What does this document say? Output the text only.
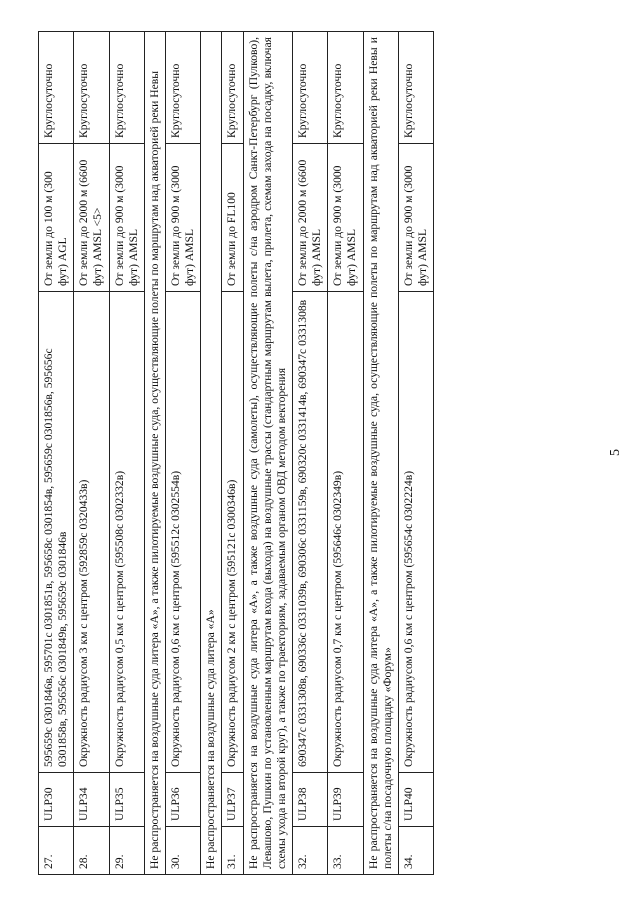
27.	ULP30	595659с 0301846в, 595701с 0301851в, 595658с 0301854в, 595659с 0301856в, 595656с 0301858в, 595656с 0301849в, 595659с 0301846в	От земли до 100 м (300 фут) AGL	Круглосуточно
28.	ULP34	Окружность радиусом 3 км с центром (592859с 0320433в)	От земли до 2000 м (6600 фут) AMSL <5>	Круглосуточно
29.	ULP35	Окружность радиусом 0,5 км с центром (595508с 0302332в)	От земли до 900 м (3000 фут) AMSL	Круглосуточно
Не распространяется на воздушные суда литера «А», а также пилотируемые воздушные суда, осуществляющие полеты по маршрутам над акваторией реки Невы				
30.	ULP36	Окружность радиусом 0,6 км с центром (595512с 0302554в)	От земли до 900 м (3000 фут) AMSL	Круглосуточно
Не распространяется на воздушные суда литера «А»				
31.	ULP37	Окружность радиусом 2 км с центром (595121с 0300346в)	От земли до FL100	Круглосуточно
Не распространяется на воздушные суда литера «А», а также воздушные суда (самолеты), осуществляющие полеты с/на аэродром Санкт-Петербург (Пулково), Левашово, Пушкин по установленным маршрутам входа (выхода) на воздушные трассы (стандартным маршрутам вылета, прилета, схемам захода на посадку, включая схемы ухода на второй круг), а также по траекториям, задаваемым органом ОВД методом векторения				
32.	ULP38	690347с 0331308в, 690336с 0331039в, 690306с 0331159в, 690320с 0331414в, 690347с 0331308в	От земли до 2000 м (6600 фут) AMSL	Круглосуточно
33.	ULP39	Окружность радиусом 0,7 км с центром (595646с 0302349в)	От земли до 900 м (3000 фут) AMSL	Круглосуточно
Не распространяется на воздушные суда литера «А», а также пилотируемые воздушные суда, осуществляющие полеты по маршрутам над акваторией реки Невы и полеты с/на посадочную площадку «Форум»				
34.	ULP40	Окружность радиусом 0,6 км с центром (595654с 0302224в)	От земли до 900 м (3000 фут) AMSL	Круглосуточно
5
